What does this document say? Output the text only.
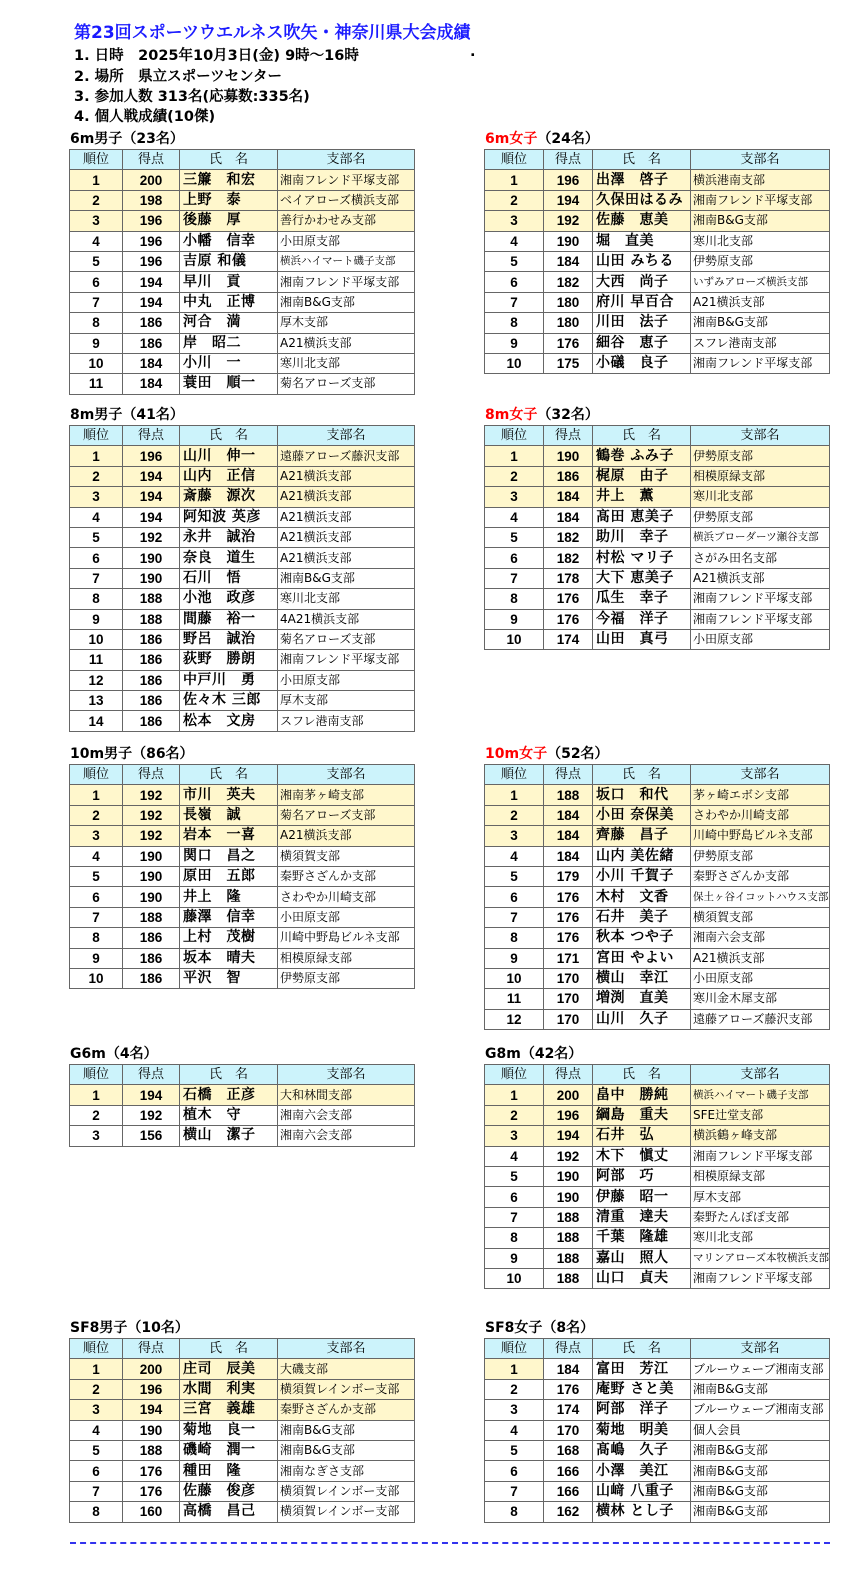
第23回スポーツウエルネス吹矢・神奈川県大会成績
1. 日時　2025年10月3日(金) 9時～16時	.
2. 場所　県立スポーツセンター
3. 参加人数 313名(応募数:335名)
4. 個人戦成績(10傑)
6m男子（23名）
順位	得点	氏　名	支部名
1	200	三簾　和宏	湘南フレンド平塚支部
2	198	上野　泰	ベイアローズ横浜支部
3	196	後藤　厚	善行かわせみ支部
4	196	小幡　信幸	小田原支部
5	196	吉原 和儀	横浜ハイマート磯子支部
6	194	早川　貢	湘南フレンド平塚支部
7	194	中丸　正博	湘南B&G支部
8	186	河合　満	厚木支部
9	186	岸　昭二	A21横浜支部
10	184	小川　一	寒川北支部
11	184	蓑田　順一	菊名アローズ支部
6m女子（24名）
順位	得点	氏　名	支部名
1	196	出澤　啓子	横浜港南支部
2	194	久保田はるみ	湘南フレンド平塚支部
3	192	佐藤　恵美	湘南B&G支部
4	190	堀　直美	寒川北支部
5	184	山田 みちる	伊勢原支部
6	182	大西　尚子	いずみアローズ横浜支部
7	180	府川 早百合	A21横浜支部
8	180	川田　法子	湘南B&G支部
9	176	細谷　恵子	スフレ港南支部
10	175	小礒　良子	湘南フレンド平塚支部
8m男子（41名）
順位	得点	氏　名	支部名
1	196	山川　伸一	遠藤アローズ藤沢支部
2	194	山内　正信	A21横浜支部
3	194	斎藤　源次	A21横浜支部
4	194	阿知波 英彦	A21横浜支部
5	192	永井　誠治	A21横浜支部
6	190	奈良　道生	A21横浜支部
7	190	石川　悟	湘南B&G支部
8	188	小池　政彦	寒川北支部
9	188	間藤　裕一	4A21横浜支部
10	186	野呂　誠治	菊名アローズ支部
11	186	荻野　勝朗	湘南フレンド平塚支部
12	186	中戸川　勇	小田原支部
13	186	佐々木 三郎	厚木支部
14	186	松本　文房	スフレ港南支部
8m女子（32名）
順位	得点	氏　名	支部名
1	190	鶴巻 ふみ子	伊勢原支部
2	186	梶原　由子	相模原緑支部
3	184	井上　薫	寒川北支部
4	184	髙田 恵美子	伊勢原支部
5	182	助川　幸子	横浜ブローダーツ瀬谷支部
6	182	村松 マリ子	さがみ田名支部
7	178	大下 恵美子	A21横浜支部
8	176	瓜生　幸子	湘南フレンド平塚支部
9	176	今福　洋子	湘南フレンド平塚支部
10	174	山田　真弓	小田原支部
10m男子（86名）
順位	得点	氏　名	支部名
1	192	市川　英夫	湘南茅ヶ崎支部
2	192	長嶺　誠	菊名アローズ支部
3	192	岩本　一喜	A21横浜支部
4	190	関口　昌之	横須賀支部
5	190	原田　五郎	秦野さざんか支部
6	190	井上　隆	さわやか川崎支部
7	188	藤澤　信幸	小田原支部
8	186	上村　茂樹	川崎中野島ビルネ支部
9	186	坂本　晴夫	相模原緑支部
10	186	平沢　智	伊勢原支部
10m女子（52名）
順位	得点	氏　名	支部名
1	188	坂口　和代	茅ヶ崎エボシ支部
2	184	小田 奈保美	さわやか川崎支部
3	184	齊藤　昌子	川崎中野島ビルネ支部
4	184	山内 美佐緒	伊勢原支部
5	179	小川 千賀子	秦野さざんか支部
6	176	木村　文香	保土ヶ谷イコットハウス支部
7	176	石井　美子	横須賀支部
8	176	秋本 つや子	湘南六会支部
9	171	宮田 やよい	A21横浜支部
10	170	横山　幸江	小田原支部
11	170	増渕　直美	寒川金木犀支部
12	170	山川　久子	遠藤アローズ藤沢支部
G6m（4名）
順位	得点	氏　名	支部名
1	194	石橋　正彦	大和林間支部
2	192	植木　守	湘南六会支部
3	156	横山　潔子	湘南六会支部
G8m（42名）
順位	得点	氏　名	支部名
1	200	畠中　勝純	横浜ハイマート磯子支部
2	196	綱島　重夫	SFE辻堂支部
3	194	石井　弘	横浜鶴ヶ峰支部
4	192	木下　愼丈	湘南フレンド平塚支部
5	190	阿部　巧	相模原緑支部
6	190	伊藤　昭一	厚木支部
7	188	清重　達夫	秦野たんぽぽ支部
8	188	千葉　隆雄	寒川北支部
9	188	嘉山　照人	マリンアローズ本牧横浜支部
10	188	山口　貞夫	湘南フレンド平塚支部
SF8男子（10名）
順位	得点	氏　名	支部名
1	200	庄司　辰美	大磯支部
2	196	水間　利実	横須賀レインボー支部
3	194	三宮　義雄	秦野さざんか支部
4	190	菊地　良一	湘南B&G支部
5	188	磯崎　潤一	湘南B&G支部
6	176	種田　隆	湘南なぎさ支部
7	176	佐藤　俊彦	横須賀レインボー支部
8	160	高橋　昌己	横須賀レインボー支部
SF8女子（8名）
順位	得点	氏　名	支部名
1	184	富田　芳江	ブルーウェーブ湘南支部
2	176	庵野 さと美	湘南B&G支部
3	174	阿部　洋子	ブルーウェーブ湘南支部
4	170	菊地　明美	個人会員
5	168	髙嶋　久子	湘南B&G支部
6	166	小澤　美江	湘南B&G支部
7	166	山﨑 八重子	湘南B&G支部
8	162	横林 とし子	湘南B&G支部
